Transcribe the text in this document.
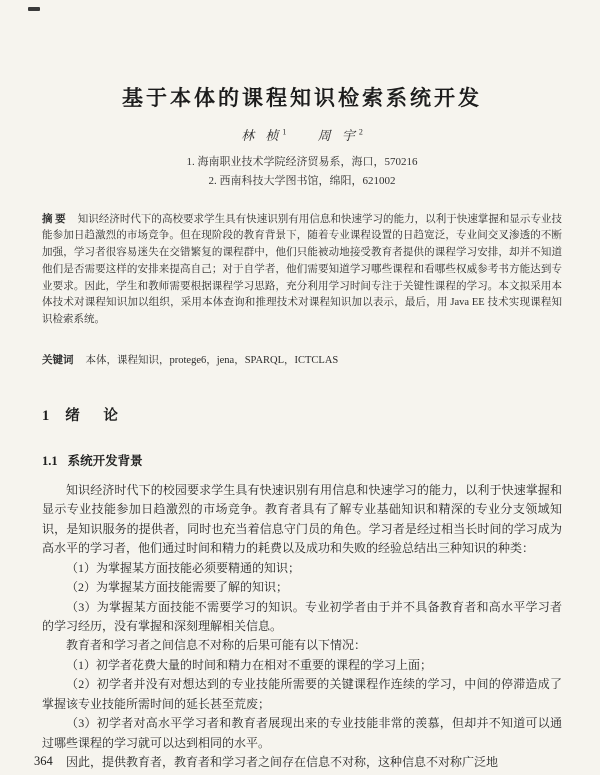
基于本体的课程知识检索系统开发
林 桢$^1$ 周 宇$^2$
1. 海南职业技术学院经济贸易系，海口，570216
2. 西南科技大学图书馆，绵阳，621002

摘 要 知识经济时代下的高校要求学生具有快速识别有用信息和快速学习的能力，以利于快速掌握和显示专业技能参加日趋激烈的市场竞争。但在现阶段的教育背景下，随着专业课程设置的日趋宽泛，专业间交叉渗透的不断加强，学习者很容易迷失在交错繁复的课程群中，他们只能被动地接受教育者提供的课程学习安排，却并不知道他们是否需要这样的安排来提高自己；对于自学者，他们需要知道学习哪些课程和看哪些权威参考书方能达到专业要求。因此，学生和教师需要根据课程学习思路，充分利用学习时间专注于关键性课程的学习。本文拟采用本体技术对课程知识加以组织，采用本体查询和推理技术对课程知识加以表示，最后，用 Java EE 技术实现课程知识检索系统。

关键词 本体，课程知识，protege6，jena，SPARQL，ICTCLAS

1 绪 论
1.1 系统开发背景

知识经济时代下的校园要求学生具有快速识别有用信息和快速学习的能力，以利于快速掌握和显示专业技能参加日趋激烈的市场竞争。教育者具有了解专业基础知识和精深的专业分支领域知识，是知识服务的提供者，同时也充当着信息守门员的角色。学习者是经过相当长时间的学习成为高水平的学习者，他们通过时间和精力的耗费以及成功和失败的经验总结出三种知识的种类：

（1）为掌握某方面技能必须要精通的知识；

（2）为掌握某方面技能需要了解的知识；

（3）为掌握某方面技能不需要学习的知识。专业初学者由于并不具备教育者和高水平学习者的学习经历，没有掌握和深刻理解相关信息。

教育者和学习者之间信息不对称的后果可能有以下情况：

（1）初学者花费大量的时间和精力在相对不重要的课程的学习上面；

（2）初学者并没有对想达到的专业技能所需要的关键课程作连续的学习，中间的停滞造成了掌握该专业技能所需时间的延长甚至荒废；

（3）初学者对高水平学习者和教育者展现出来的专业技能非常的羡慕，但却并不知道可以通过哪些课程的学习就可以达到相同的水平。

因此，提供教育者，教育者和学习者之间存在信息不对称，这种信息不对称广泛地

364
